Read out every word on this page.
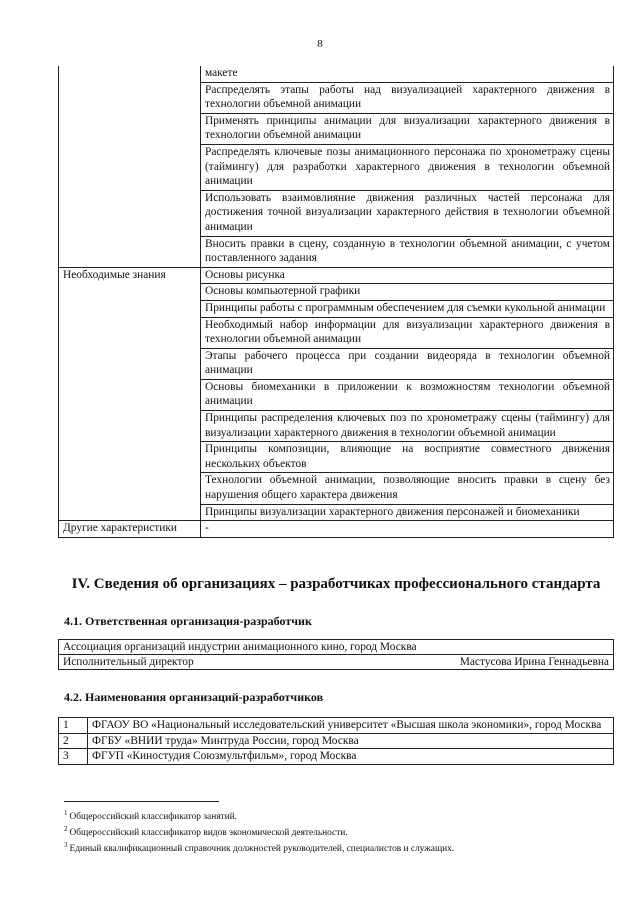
8
	макете
	Распределять этапы работы над визуализацией характерного движения в технологии объемной анимации
	Применять принципы анимации для визуализации характерного движения в технологии объемной анимации
	Распределять ключевые позы анимационного персонажа по хронометражу сцены (таймингу) для разработки характерного движения в технологии объемной анимации
	Использовать взаимовлияние движения различных частей персонажа для достижения точной визуализации характерного действия в технологии объемной анимации
	Вносить правки в сцену, созданную в технологии объемной анимации, с учетом поставленного задания
Необходимые знания	Основы рисунка
	Основы компьютерной графики
	Принципы работы с программным обеспечением для съемки кукольной анимации
	Необходимый набор информации для визуализации характерного движения в технологии объемной анимации
	Этапы рабочего процесса при создании видеоряда в технологии объемной анимации
	Основы биомеханики в приложении к возможностям технологии объемной анимации
	Принципы распределения ключевых поз по хронометражу сцены (таймингу) для визуализации характерного движения в технологии объемной анимации
	Принципы композиции, влияющие на восприятие совместного движения нескольких объектов
	Технологии объемной анимации, позволяющие вносить правки в сцену без нарушения общего характера движения
	Принципы визуализации характерного движения персонажей и биомеханики
Другие характеристики	-
IV. Сведения об организациях – разработчиках профессионального стандарта
4.1. Ответственная организация-разработчик
Ассоциация организаций индустрии анимационного кино, город Москва
Исполнительный директор	Мастусова Ирина Геннадьевна
4.2. Наименования организаций-разработчиков
1	ФГАОУ ВО «Национальный исследовательский университет «Высшая школа экономики», город Москва
2	ФГБУ «ВНИИ труда» Минтруда России, город Москва
3	ФГУП «Киностудия Союзмультфильм», город Москва
$^1$ Общероссийский классификатор занятий.
$^2$ Общероссийский классификатор видов экономической деятельности.
$^3$ Единый квалификационный справочник должностей руководителей, специалистов и служащих.
